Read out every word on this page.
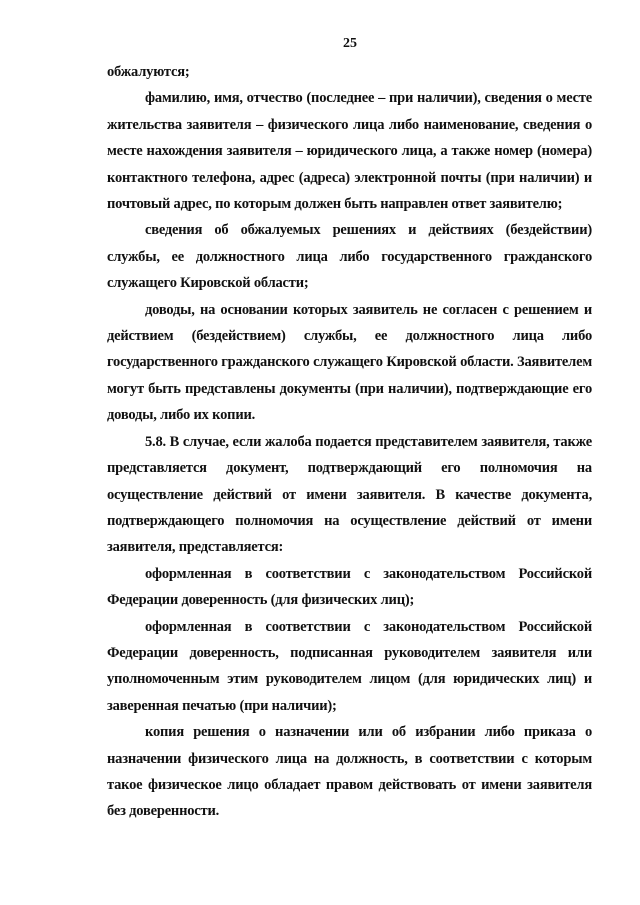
25

обжалуются;

фамилию, имя, отчество (последнее – при наличии), сведения о месте жительства заявителя – физического лица либо наименование, сведения о месте нахождения заявителя – юридического лица, а также номер (номера) контактного телефона, адрес (адреса) электронной почты (при наличии) и почтовый адрес, по которым должен быть направлен ответ заявителю;

сведения об обжалуемых решениях и действиях (бездействии) службы, ее должностного лица либо государственного гражданского служащего Кировской области;

доводы, на основании которых заявитель не согласен с решением и действием (бездействием) службы, ее должностного лица либо государственного гражданского служащего Кировской области. Заявителем могут быть представлены документы (при наличии), подтверждающие его доводы, либо их копии.

5.8. В случае, если жалоба подается представителем заявителя, также представляется документ, подтверждающий его полномочия на осуществление действий от имени заявителя. В качестве документа, подтверждающего полномочия на осуществление действий от имени заявителя, представляется:

оформленная в соответствии с законодательством Российской Федерации доверенность (для физических лиц);

оформленная в соответствии с законодательством Российской Федерации доверенность, подписанная руководителем заявителя или уполномоченным этим руководителем лицом (для юридических лиц) и заверенная печатью (при наличии);

копия решения о назначении или об избрании либо приказа о назначении физического лица на должность, в соответствии с которым такое физическое лицо обладает правом действовать от имени заявителя без доверенности.
